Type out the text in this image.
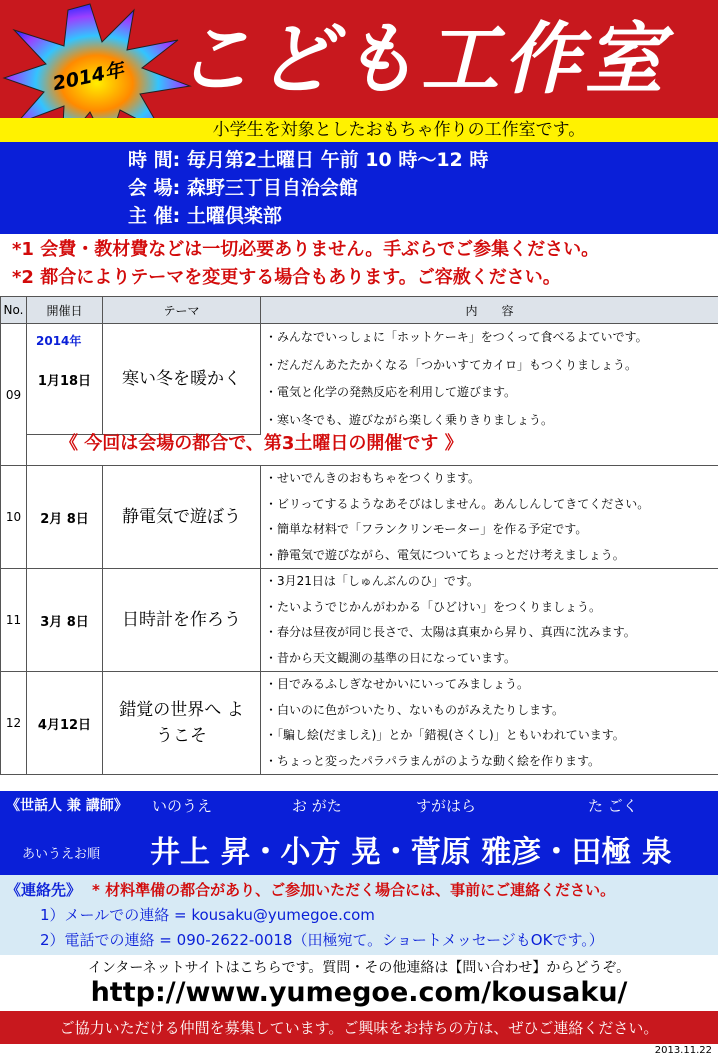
2014年 こども工作室
小学生を対象としたおもちゃ作りの工作室です。
時 間: 毎月第2土曜日 午前 10 時～12 時
会 場: 森野三丁目自治会館
主 催: 土曜倶楽部
*1 会費・教材費などは一切必要ありません。手ぶらでご参集ください。
*2 都合によりテーマを変更する場合もあります。ご容赦ください。
No.	開催日	テーマ	内　　容
09	1月18日	寒い冬を暖かく	・みんなでいっしょに「ホットケーキ」をつくって食べるよていです。
			・だんだんあたたかくなる「つかいすてカイロ」もつくりましょう。
			・電気と化学の発熱反応を利用して遊びます。
			・寒い冬でも、遊びながら楽しく乗りきりましょう。

10	2月 8日	静電気で遊ぼう	・せいでんきのおもちゃをつくります。
			・ビリってするようなあそびはしません。あんしんしてきてください。
			・簡単な材料で「フランクリンモーター」を作る予定です。
			・静電気で遊びながら、電気についてちょっとだけ考えましょう。
11	3月 8日	日時計を作ろう	・3月21日は「しゅんぶんのひ」です。
			・たいようでじかんがわかる「ひどけい」をつくりましょう。
			・春分は昼夜が同じ長さで、太陽は真東から昇り、真西に沈みます。
			・昔から天文観測の基準の日になっています。
12	4月12日	錯覚の世界へ ようこそ	・目でみるふしぎなせかいにいってみましょう。
			・白いのに色がついたり、ないものがみえたりします。
			・「騙し絵(だましえ)」とか「錯視(さくし)」ともいわれています。
			・ちょっと変ったパラパラまんがのような動く絵を作ります。
2014年
《 今回は会場の都合で、第3土曜日の開催です 》
《世話人 兼 講師》 いのうえ	お がた	すがはら	た ごく
あいうえお順 井上 昇・小方 晃・菅原 雅彦・田極 泉
《連絡先》 * 材料準備の都合があり、ご参加いただく場合には、事前にご連絡ください。
1）メールでの連絡 = kousaku@yumegoe.com
2）電話での連絡 = 090-2622-0018（田極宛て。ショートメッセージもOKです。）
インターネットサイトはこちらです。質問・その他連絡は【問い合わせ】からどうぞ。
http://www.yumegoe.com/kousaku/
ご協力いただける仲間を募集しています。ご興味をお持ちの方は、ぜひご連絡ください。
2013.11.22
